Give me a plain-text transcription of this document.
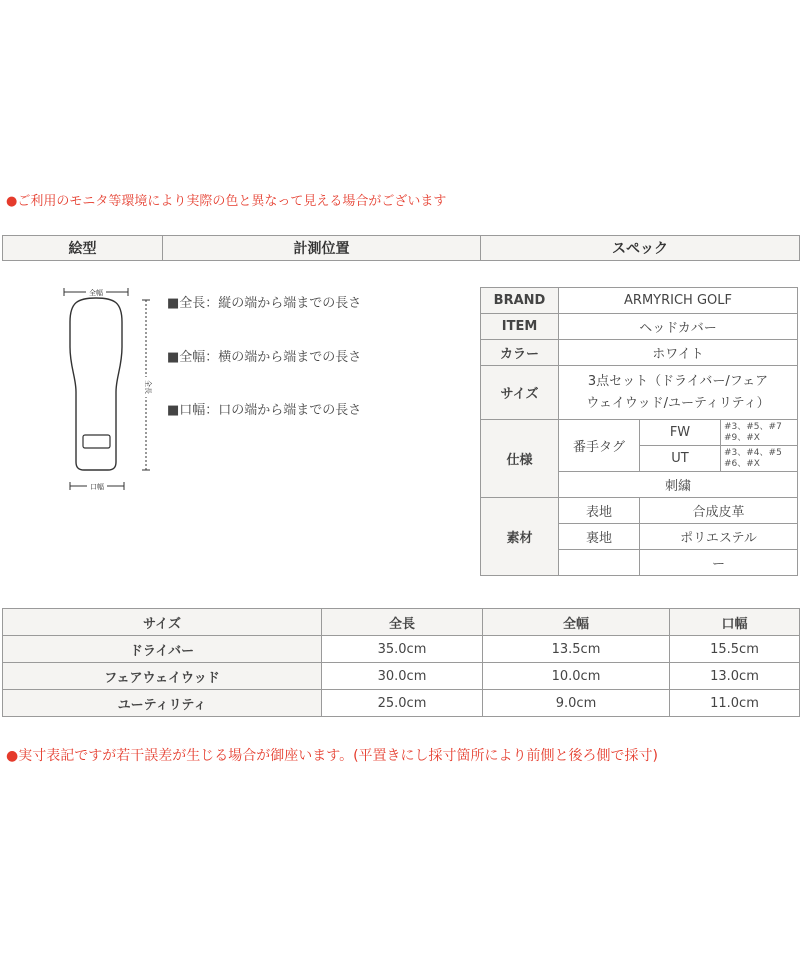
●ご利用のモニタ等環境により実際の色と異なって見える場合がございます
絵型	計測位置	スペック
全幅
全長
口幅
■全長：縦の端から端までの長さ
■全幅：横の端から端までの長さ
■口幅：口の端から端までの長さ
BRAND	ARMYRICH GOLF		
ITEM	ヘッドカバー		
カラー	ホワイト		
サイズ	3点セット（ドライバー/フェア
ウェイウッド/ユーティリティ）		

仕様	番手タグ	FW	#3、#5、#7
#9、#X

		UT	#3、#4、#5
#6、#X

	刺繍		
素材	表地	合成皮革	
	裏地	ポリエステル	
		ー	
サイズ	全長	全幅	口幅
ドライバー	35.0cm	13.5cm	15.5cm
フェアウェイウッド	30.0cm	10.0cm	13.0cm
ユーティリティ	25.0cm	9.0cm	11.0cm
●実寸表記ですが若干誤差が生じる場合が御座います。(平置きにし採寸箇所により前側と後ろ側で採寸)
